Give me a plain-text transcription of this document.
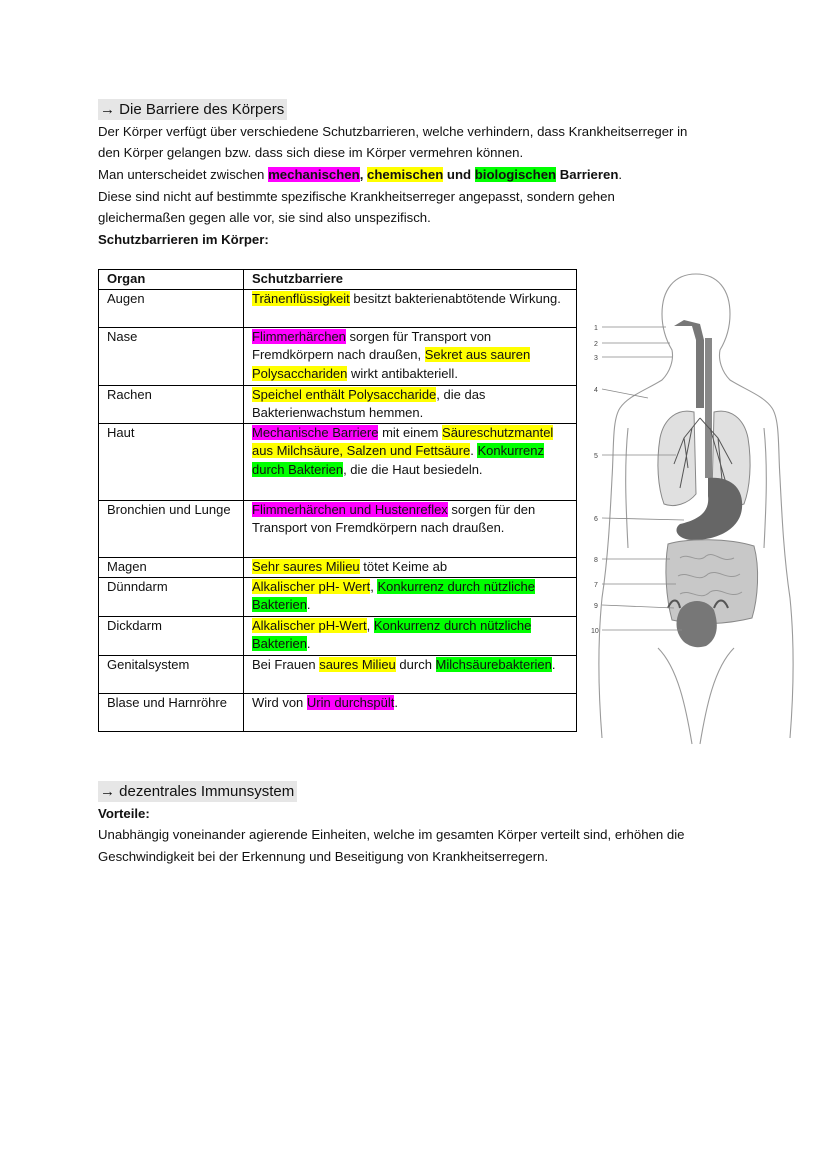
→ Die Barriere des Körpers
Der Körper verfügt über verschiedene Schutzbarrieren, welche verhindern, dass Krankheitserreger in
den Körper gelangen bzw. dass sich diese im Körper vermehren können.
Man unterscheidet zwischen mechanischen, chemischen und biologischen Barrieren.
Diese sind nicht auf bestimmte spezifische Krankheitserreger angepasst, sondern gehen
gleichermaßen gegen alle vor, sie sind also unspezifisch.
Schutzbarrieren im Körper:
Organ	Schutzbarriere
Augen	Tränenflüssigkeit besitzt bakterienabtötende Wirkung.
Nase	Flimmerhärchen sorgen für Transport von Fremdkörpern nach draußen, Sekret aus sauren Polysacchariden wirkt antibakteriell.
Rachen	Speichel enthält Polysaccharide, die das Bakterienwachstum hemmen.
Haut	Mechanische Barriere mit einem Säureschutzmantel aus Milchsäure, Salzen und Fettsäure. Konkurrenz durch Bakterien, die die Haut besiedeln.
Bronchien und Lunge	Flimmerhärchen und Hustenreflex sorgen für den Transport von Fremdkörpern nach draußen.
Magen	Sehr saures Milieu tötet Keime ab
Dünndarm	Alkalischer pH- Wert, Konkurrenz durch nützliche Bakterien.
Dickdarm	Alkalischer pH-Wert, Konkurrenz durch nützliche Bakterien.
Genitalsystem	Bei Frauen saures Milieu durch Milchsäurebakterien.
Blase und Harnröhre	Wird von Urin durchspült.
1
2
3
4
5
6
8
7
9
10
→ dezentrales Immunsystem
Vorteile:
Unabhängig voneinander agierende Einheiten, welche im gesamten Körper verteilt sind, erhöhen die
Geschwindigkeit bei der Erkennung und Beseitigung von Krankheitserregern.
